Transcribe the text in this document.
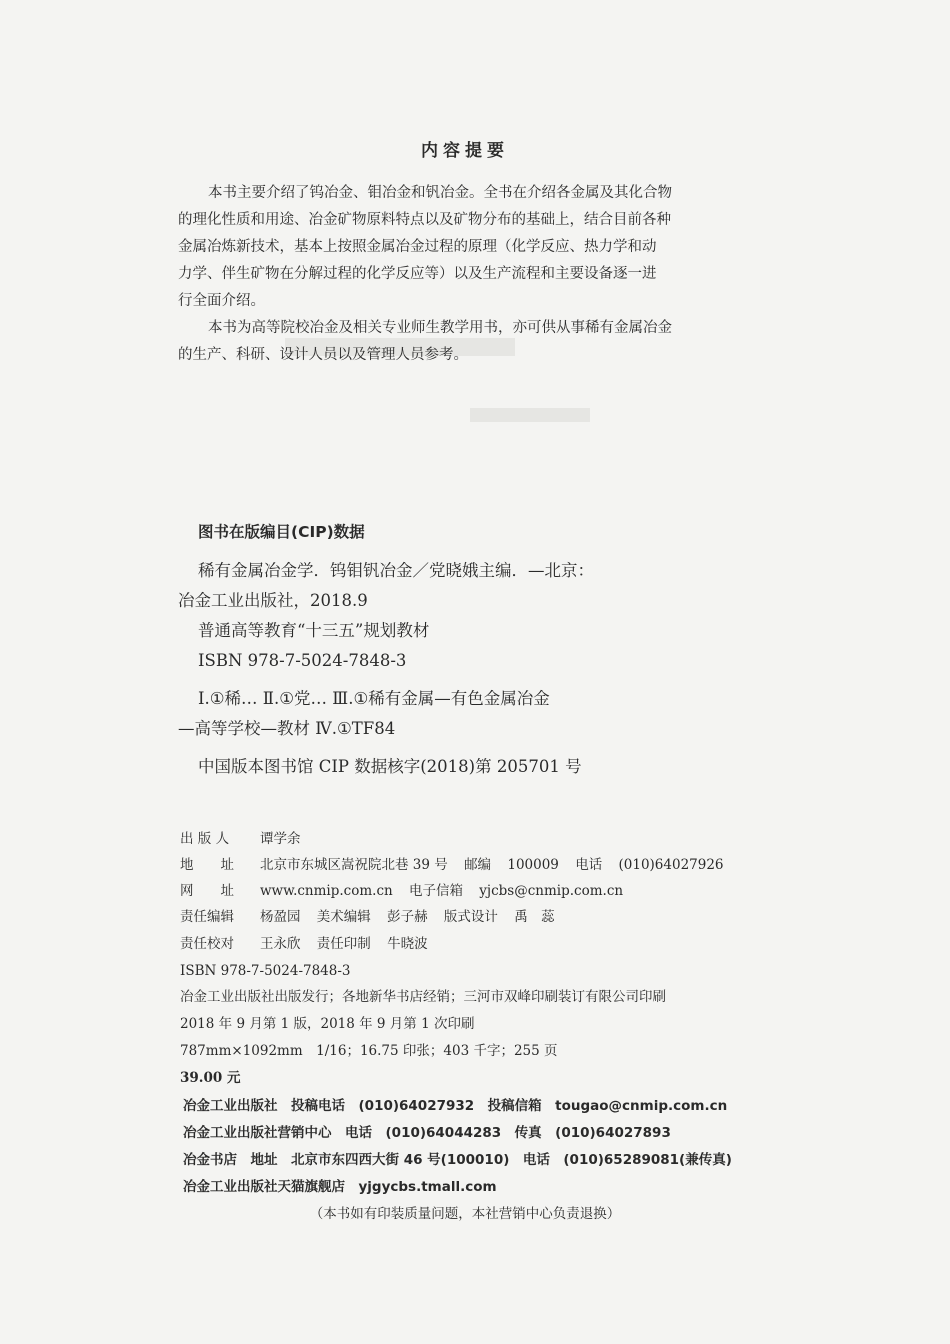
内容提要
本书主要介绍了钨冶金、钼冶金和钒冶金。全书在介绍各金属及其化合物
的理化性质和用途、冶金矿物原料特点以及矿物分布的基础上，结合目前各种
金属冶炼新技术，基本上按照金属冶金过程的原理（化学反应、热力学和动
力学、伴生矿物在分解过程的化学反应等）以及生产流程和主要设备逐一进
行全面介绍。
本书为高等院校冶金及相关专业师生教学用书，亦可供从事稀有金属冶金
的生产、科研、设计人员以及管理人员参考。
图书在版编目(CIP)数据
稀有金属冶金学．钨钼钒冶金／党晓娥主编．—北京：
冶金工业出版社，2018.9
普通高等教育“十三五”规划教材
ISBN 978-7-5024-7848-3
Ⅰ.①稀… Ⅱ.①党… Ⅲ.①稀有金属—有色金属冶金
—高等学校—教材 Ⅳ.①TF84
中国版本图书馆 CIP 数据核字(2018)第 205701 号
出 版 人 谭学余
地　　址 北京市东城区嵩祝院北巷 39 号 邮编 100009 电话 (010)64027926
网　　址 www.cnmip.com.cn 电子信箱 yjcbs@cnmip.com.cn
责任编辑 杨盈园 美术编辑 彭子赫 版式设计 禹　蕊
责任校对 王永欣 责任印制 牛晓波
ISBN 978-7-5024-7848-3
冶金工业出版社出版发行；各地新华书店经销；三河市双峰印刷装订有限公司印刷
2018 年 9 月第 1 版，2018 年 9 月第 1 次印刷
787mm×1092mm　1/16；16.75 印张；403 千字；255 页
39.00 元
冶金工业出版社　投稿电话　(010)64027932　投稿信箱　tougao@cnmip.com.cn
冶金工业出版社营销中心　电话　(010)64044283　传真　(010)64027893
冶金书店　地址　北京市东四西大街 46 号(100010)　电话　(010)65289081(兼传真)
冶金工业出版社天猫旗舰店　yjgycbs.tmall.com
（本书如有印装质量问题，本社营销中心负责退换）
